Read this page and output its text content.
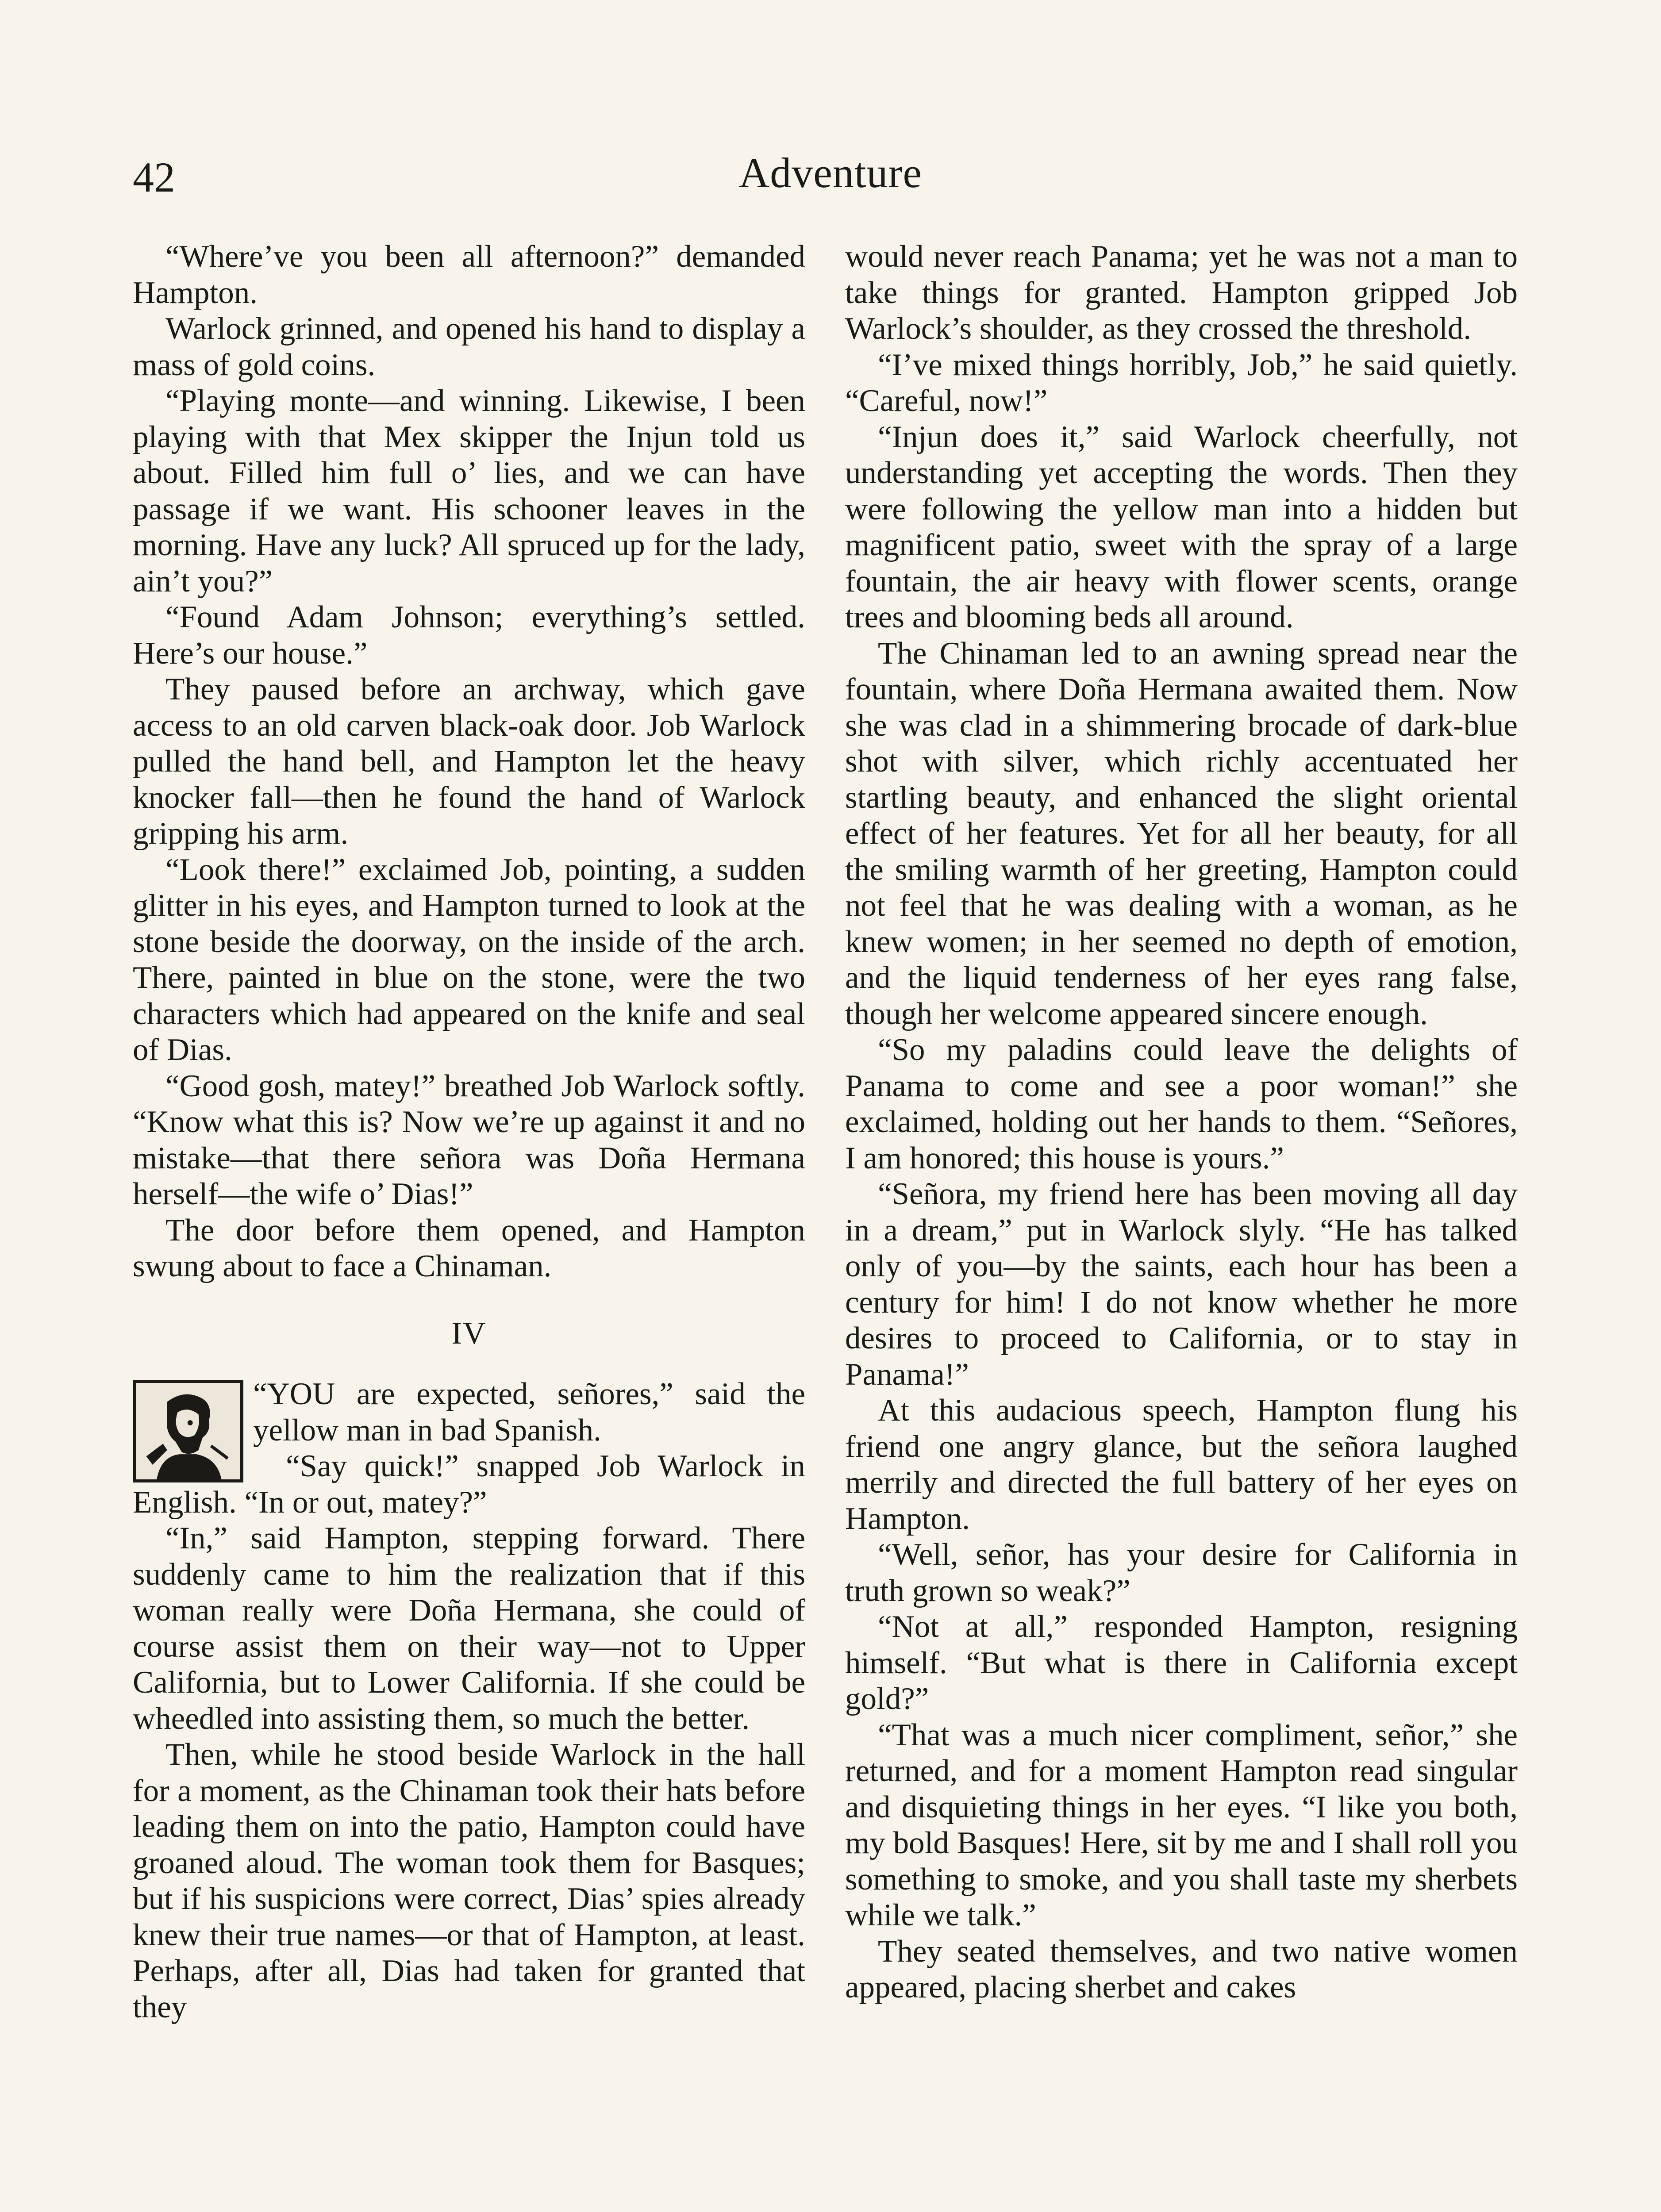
42	Adventure

“Where’ve you been all afternoon?” demanded Hampton.

Warlock grinned, and opened his hand to display a mass of gold coins.

“Playing monte—and winning. Likewise, I been playing with that Mex skipper the Injun told us about. Filled him full o’ lies, and we can have passage if we want. His schooner leaves in the morning. Have any luck? All spruced up for the lady, ain’t you?”

“Found Adam Johnson; everything’s settled. Here’s our house.”

They paused before an archway, which gave access to an old carven black-oak door. Job Warlock pulled the hand bell, and Hampton let the heavy knocker fall—then he found the hand of Warlock gripping his arm.

“Look there!” exclaimed Job, pointing, a sudden glitter in his eyes, and Hampton turned to look at the stone beside the doorway, on the inside of the arch. There, painted in blue on the stone, were the two characters which had appeared on the knife and seal of Dias.

“Good gosh, matey!” breathed Job Warlock softly. “Know what this is? Now we’re up against it and no mistake—that there señora was Doña Hermana herself—the wife o’ Dias!”

The door before them opened, and Hampton swung about to face a Chinaman.

IV

“YOU are expected, señores,” said the yellow man in bad Spanish.

“Say quick!” snapped Job Warlock in English. “In or out, matey?”

“In,” said Hampton, stepping forward. There suddenly came to him the realization that if this woman really were Doña Hermana, she could of course assist them on their way—not to Upper California, but to Lower California. If she could be wheedled into assisting them, so much the better.

Then, while he stood beside Warlock in the hall for a moment, as the Chinaman took their hats before leading them on into the patio, Hampton could have groaned aloud. The woman took them for Basques; but if his suspicions were correct, Dias’ spies already knew their true names—or that of Hampton, at least. Perhaps, after all, Dias had taken for granted that they

would never reach Panama; yet he was not a man to take things for granted. Hampton gripped Job Warlock’s shoulder, as they crossed the threshold.

“I’ve mixed things horribly, Job,” he said quietly. “Careful, now!”

“Injun does it,” said Warlock cheerfully, not understanding yet accepting the words. Then they were following the yellow man into a hidden but magnificent patio, sweet with the spray of a large fountain, the air heavy with flower scents, orange trees and blooming beds all around.

The Chinaman led to an awning spread near the fountain, where Doña Hermana awaited them. Now she was clad in a shimmering brocade of dark-blue shot with silver, which richly accentuated her startling beauty, and enhanced the slight oriental effect of her features. Yet for all her beauty, for all the smiling warmth of her greeting, Hampton could not feel that he was dealing with a woman, as he knew women; in her seemed no depth of emotion, and the liquid tenderness of her eyes rang false, though her welcome appeared sincere enough.

“So my paladins could leave the delights of Panama to come and see a poor woman!” she exclaimed, holding out her hands to them. “Señores, I am honored; this house is yours.”

“Señora, my friend here has been moving all day in a dream,” put in Warlock slyly. “He has talked only of you—by the saints, each hour has been a century for him! I do not know whether he more desires to proceed to California, or to stay in Panama!”

At this audacious speech, Hampton flung his friend one angry glance, but the señora laughed merrily and directed the full battery of her eyes on Hampton.

“Well, señor, has your desire for California in truth grown so weak?”

“Not at all,” responded Hampton, resigning himself. “But what is there in California except gold?”

“That was a much nicer compliment, señor,” she returned, and for a moment Hampton read singular and disquieting things in her eyes. “I like you both, my bold Basques! Here, sit by me and I shall roll you something to smoke, and you shall taste my sherbets while we talk.”

They seated themselves, and two native women appeared, placing sherbet and cakes
